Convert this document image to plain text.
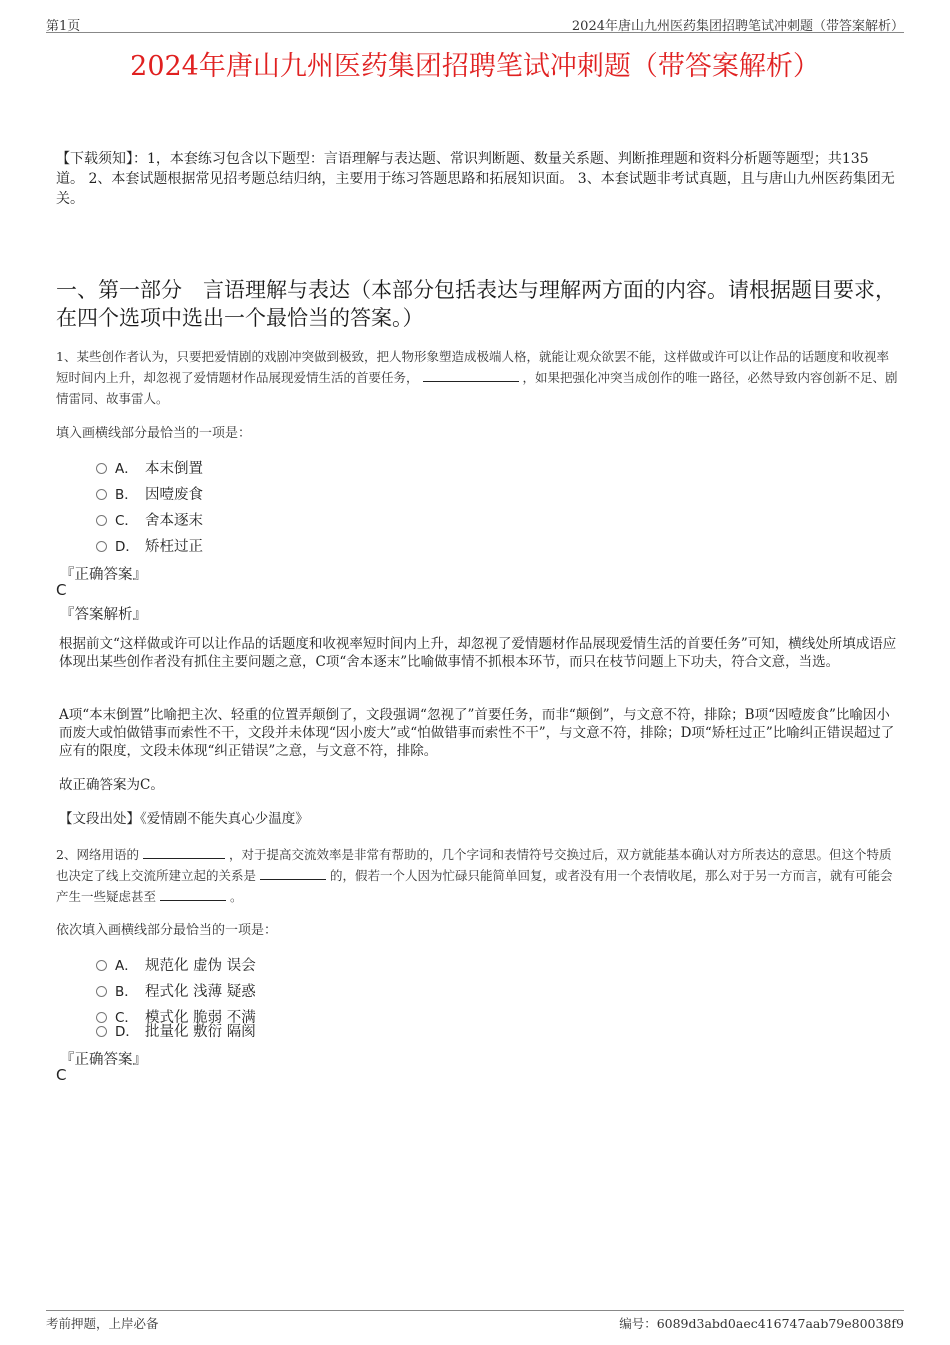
第1页	2024年唐山九州医药集团招聘笔试冲刺题（带答案解析）
2024年唐山九州医药集团招聘笔试冲刺题（带答案解析）
【下载须知】：1，本套练习包含以下题型：言语理解与表达题、常识判断题、数量关系题、判断推理题和资料分析题等题型；共135道。 2、本套试题根据常见招考题总结归纳，主要用于练习答题思路和拓展知识面。 3、本套试题非考试真题，且与唐山九州医药集团无关。
一、第一部分　言语理解与表达（本部分包括表达与理解两方面的内容。请根据题目要求，在四个选项中选出一个最恰当的答案。）
1、某些创作者认为，只要把爱情剧的戏剧冲突做到极致，把人物形象塑造成极端人格，就能让观众欲罢不能，这样做或许可以让作品的话题度和收视率短时间内上升，却忽视了爱情题材作品展现爱情生活的首要任务，	，如果把强化冲突当成创作的唯一路径，必然导致内容创新不足、剧情雷同、故事雷人。
填入画横线部分最恰当的一项是：
A． 本末倒置
B． 因噎废食
C． 舍本逐末
D． 矫枉过正
『正确答案』
C
『答案解析』
根据前文“这样做或许可以让作品的话题度和收视率短时间内上升，却忽视了爱情题材作品展现爱情生活的首要任务”可知，横线处所填成语应体现出某些创作者没有抓住主要问题之意，C项“舍本逐末”比喻做事情不抓根本环节，而只在枝节问题上下功夫，符合文意，当选。
A项“本末倒置”比喻把主次、轻重的位置弄颠倒了，文段强调“忽视了”首要任务，而非“颠倒”，与文意不符，排除；B项“因噎废食”比喻因小而废大或怕做错事而索性不干，文段并未体现“因小废大”或“怕做错事而索性不干”，与文意不符，排除；D项“矫枉过正”比喻纠正错误超过了应有的限度，文段未体现“纠正错误”之意，与文意不符，排除。
故正确答案为C。
【文段出处】《爱情剧不能失真心少温度》
2、网络用语的	，对于提高交流效率是非常有帮助的，几个字词和表情符号交换过后，双方就能基本确认对方所表达的意思。但这个特质也决定了线上交流所建立起的关系是	的，假若一个人因为忙碌只能简单回复，或者没有用一个表情收尾，那么对于另一方而言，就有可能会产生一些疑虑甚至	。
依次填入画横线部分最恰当的一项是：
A． 规范化 虚伪 误会
B． 程式化 浅薄 疑惑
C． 模式化 脆弱 不满
D． 批量化 敷衍 隔阂
『正确答案』
C
考前押题，上岸必备	编号：6089d3abd0aec416747aab79e80038f9
